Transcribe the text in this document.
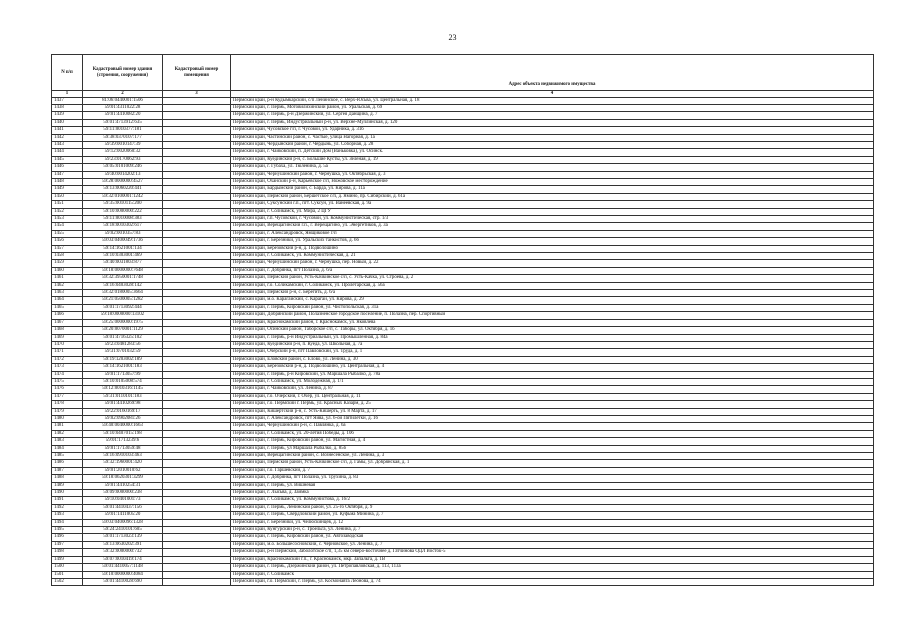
23
N п/п	Кадастровый номер здания (строения, сооружения)	Кадастровый номер помещения	Адрес объекта недвижимого имущества
1	2	3	4
1437	81:06:0440001:1506		Пермский край, р-н Кудымкарский, с/п Ленинское, с. Верх-Юсьва, ул. Центральная, д. 18
1438	59:01:4311022:28		Пермский край, г. Пермь, Мотовилихинский район, ул. Уральская, д. 69
1439	59:01:4410082:20		Пермский край, г. Пермь, р-н Дзержинский, ул. Сергея Данщина, д. 7
1440	59:01:4713912:635		Пермский край, г. Пермь, Индустриальный р-н, ул. Верхне-Муллинская, д. 120
1441	59:11:0010377:181		Пермский край, Чусовское г/п, г. Чусовой, ул. Ударника, д. 31б
1442	59:38:0370107:177		Пермский край, Частинский район, с. Частые, улица Нагорная, д. 1а
1443	59:39:0010147:39		Пермский край, Чердынский район, г. Чердынь, ул. Соборная, д. 28
1444	59:12:0020060:32		Пермский край, г. Чайковский, п. Детский Дом (Ваньковка), ул. Осинск.
1445	59:23:0170062:93		Пермский край, Куединский р-н, с. Большие Кусты, ул. Зеленая, д. 19
1446	59:05:0101009:246		Пермский край, г. Губаха, ул. Тюленина, д. 5а
1447	59:40:0014202:13		Пермский край, Чернушинский район, г. Чернушка, ул. Октябрьская, д. 3
1448	59:28:0000000:4527		Пермский край, Оханский р-н, Карьевское с/п, Ножовское месторождение
1449	59:13:0060220:441		Пермский край, Бардымский район, с. Барда, ул. Кирова, д. 11а
1450	59:32:0100001:1242		Пермский край, Пермский район, Бершетское с/п, д. Ямино, пр. Сибирский, д. 61а
1451	59:35:0010115:200		Пермский край, Суксунский г.п., пгт. Суксун, ул. Ванеевская, д. 9а
1452	59:10:0000000:222		Пермский край, г. Соликамск, ул. Мира, 2 ЦГУ
1453	59:11:0010008:383		Пермский край, г.п. Чусовской, г. Чусовой, ул. Коммунистическая, стр. 1/3
1454	59:18:0010302:617		Пермский край, Верещагинский г.п., г. Верещагино, ул. Энергетиков, д. 3а
1455	59:02:0010357:83		Пермский край, г. Александровск, Ямщиковое г/п
1456	59:03:0400049:1736		Пермский край, г. Березники, ул. Уральских танкистов, д. 66
1457	59:14:1621001:134		Пермский край, Березовский р-н, д. Подволошино
1458	59:10:0303001:469		Пермский край, г. Соликамск, ул. Коммунистическая, д. 21
1459	59:40:0031803:877		Пермский край, Чернушинский район, г. Чернушка, пер. Новый, д. 22
1460	59:18:0000000:7648		Пермский край, г. Добрянка, пгт Полазна, д. 6/а
1461	59:32:3950001:1748		Пермский край, Пермский район, Усть-Качкинское с/п, с. Усть-Качка, ул. Строёва, д. 2
1462	59:16:0403028:142		Пермский край, г.о. Соликамский, г. Соликамск, ул. Пролетарская, д. 56а
1463	59:32:0180005:3664		Пермский край, Пермский р-н, с. Берегить, д. 6/а
1464	59:21:0500005:1282		Пермский край, м.о. Карагайский, с. Карагай, ул. Кирова, д. 29
1465	59:01:1713092:444		Пермский край, г. Пермь, Кировский район, ул. Чистопольская, д. 31а
1466	59:18:0000000:13102		Пермский край, Добрянский район, Полазненское городское поселение, п. Полазна, пер. Спортивный
1467	59:25:0000000:1975		Пермский край, Краснокамский район, г. Краснокамск, ул. Яковлева
1468	59:20:0070001:1129		Пермский край, Осинский район, Таборское с/п, с. Таборы, ул. Октября, д. 1б
1469	59:01:4716325:102		Пермский край, г. Пермь, р-н Индустриальный, ул. Промышленная, д. 84а
1470	59:23:0481283:56		Пермский край, Куединский р-н, п. Куеда, ул. Школьная, д. 7а
1471	59:31:0701032:59		Пермский край, Очерский р-н, пгт Павловский, ул. Труда, д. 1
1472	59:19:1203002:189		Пермский край, Еловский район, с. Елово, ул. Ленина, д. 30
1473	59:14:1621001:183		Пермский край, Березовский р-н, д. Подволошино, ул. Центральная, д. 4
1474	59:01:1713057:99		Пермский край, г. Пермь, р-н Кировский, ул. Маршала Рыбалко, д. 78а
1475	59:10:0105008:574		Пермский край, г. Соликамск, ул. Молодежная, д. 1/1
1476	59:12:0010316:1145		Пермский край, г. Чайковский, ул. Ленина, д. 87
1477	59:31:0110101:183		Пермский край, г.о. Очерский, г. Очер, ул. Центральная, д. 11
1478	59:01:4410269:98		Пермский край, г.о. Пермский г. Пермь, ул. Красных Казарм, д. 25
1479	59:22:0160169:17		Пермский край, Кишертский р-н, с. Усть-Кишерть, ул. 8 Марта, д. 17
1480	59:02:0902081:26		Пермский край, г. Александровск, пгт Яйва, ул. 6-ой Пятилетки, д. 16
1481	59:40:0040000:1663		Пермский край, Чернушинский р-н, с. Павлянка, д. 6а
1482	59:10:0407015:198		Пермский край, г. Соликамск, ул. 20-летия Победы, д. 106
1483	59:01:1713239:6		Пермский край, г. Пермь, Кировский район, ул. Магистная, д. 4
1484	59:01:1713059:48		Пермский край, г. Пермь, ул Маршала Рыбалко, д. 85б
1485	59:16:0910103:463		Пермский край, Верещагинский район, с. Вознесенское, ул. Ленина, д. 3
1486	59:32:1960001:420		Пермский край, Пермский район, Усть-Качкинское с/п, д. Гамы, ул. Добрянская, д. 1
1487	59:01:2010010:62		Пермский край, г.о. Гаршевский, д. 7
1488	59:18:0620301:3299		Пермский край, г. Добрянка, пгт Полазна, ул. Трухина, д. 83
1489	59:01:4410254:31		Пермский край, г. Пермь, ул. Вишневая
1490	59:09:0000000:238		Пермский край, г. Лысьва, д. Заимка
1491	59:10:0401001:73		Пермский край, г. Соликамск, ул. Коммунистова, д. 16/2
1492	59:01:4410437:156		Пермский край, г. Пермь, Ленинский район, ул. 25-го Октября, д. 9
1493	59:01:1411005:20		Пермский край, г. Пермь, Свердловский район, ул. Куфьма Минина, д. 7
1494	59:03:0400096:1328		Пермский край, г. Березники, ул. Челюскинцев, д. 12
1495	59:24:2410101:605		Пермский край, Кунгурский р-н, с. Троельга, ул. Ленина, д. 7
1496	59:01:1713023:139		Пермский край, г. Пермь, Кировский район, ул. Автозаводская
1497	59:13:0630202:391		Пермский край, м.о. Большесосновский, с. Черновское, ул. Ленина, д. 7
1498	59:32:0000000:732		Пермский край, р-н Пермский, Заболотское с/п, 1,35 км северо-восточнее д. Гатчинова ОДЛ Восток-5
1499	59:07:0010419:174		Пермский край, Краснокамский г.п., г. Краснокамск, мкр. Запальта, д. 1В
1500	59:01:4410057:1148		Пермский край, г. Пермь, Дзержинский район, ул. Петропавловская, д. 113, 113а
1501	59:10:0000000:4084		Пермский край, г. Соликамск
1502	59:01:4410028:690		Пермский край, г.о. Пермский, г. Пермь, ул. Космонавта Леонова, д. 74
